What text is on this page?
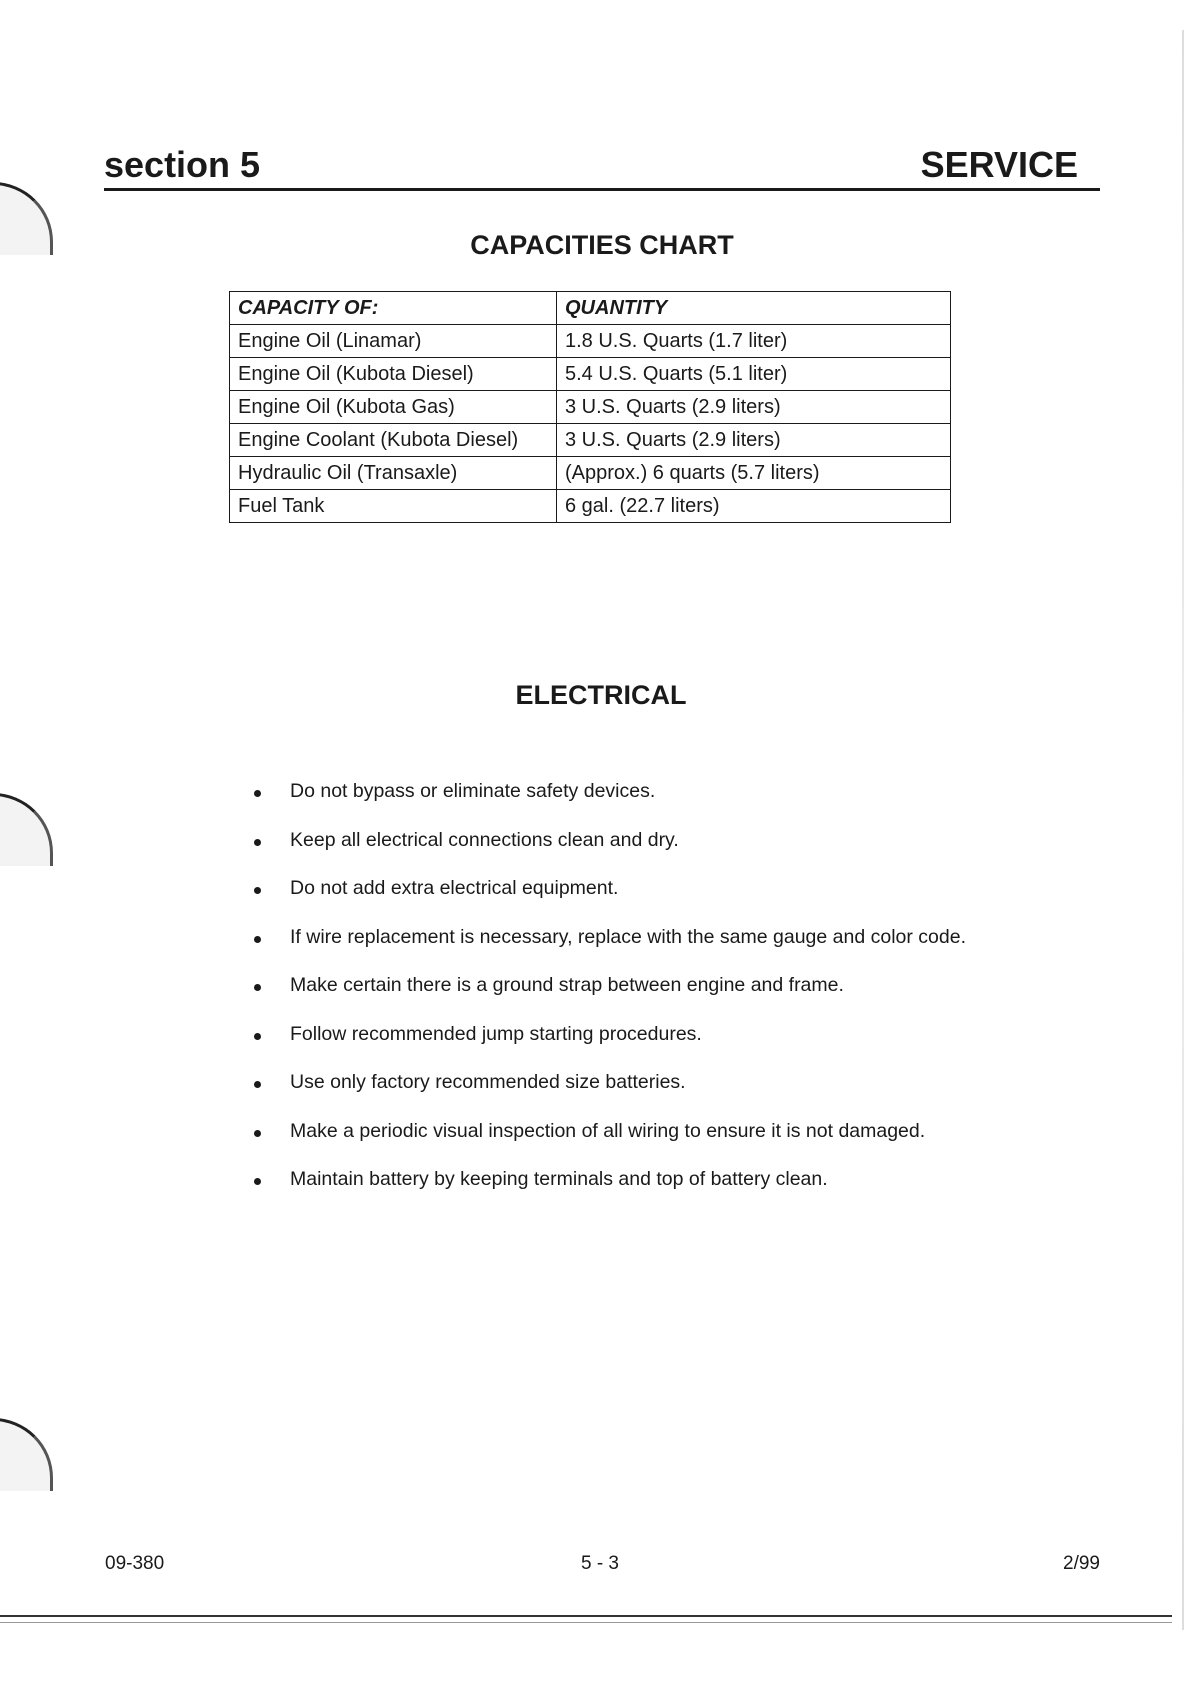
section 5	SERVICE
CAPACITIES CHART
CAPACITY OF:	QUANTITY
Engine Oil (Linamar)	1.8 U.S. Quarts (1.7 liter)
Engine Oil (Kubota Diesel)	5.4 U.S. Quarts (5.1 liter)
Engine Oil (Kubota Gas)	3 U.S. Quarts (2.9 liters)
Engine Coolant (Kubota Diesel)	3 U.S. Quarts (2.9 liters)
Hydraulic Oil (Transaxle)	(Approx.) 6 quarts (5.7 liters)
Fuel Tank	6 gal. (22.7 liters)
ELECTRICAL
Do not bypass or eliminate safety devices.
Keep all electrical connections clean and dry.
Do not add extra electrical equipment.
If wire replacement is necessary, replace with the same gauge and color code.
Make certain there is a ground strap between engine and frame.
Follow recommended jump starting procedures.
Use only factory recommended size batteries.
Make a periodic visual inspection of all wiring to ensure it is not damaged.
Maintain battery by keeping terminals and top of battery clean.
09-380	5 - 3	2/99
